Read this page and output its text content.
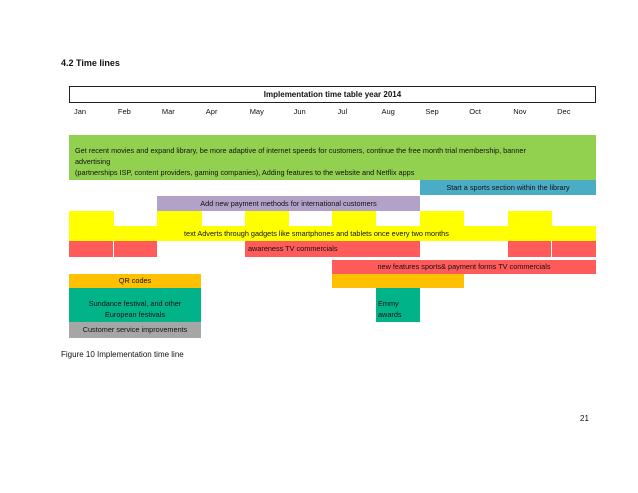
4.2 Time lines
Implementation time table year 2014
Jan	Feb	Mar	Apr	May	Jun	Jul	Aug	Sep	Oct	Nov	Dec
Get recent movies and expand library, be more adaptive of internet speeds for customers, continue the free month trial membership, banner
advertising
(partnerships ISP, content providers, gaming companies), Adding features to the website and Netflix apps
Start a sports section within the library
Add new payment methods for international customers
text Adverts through gadgets like smartphones and tablets once every two months
awareness TV commercials
new features sports& payment forms TV commercials
QR codes
Sundance festival, and other
European festivals
Emmy
awards
Customer service improvements
Figure 10 Implementation time line
21
